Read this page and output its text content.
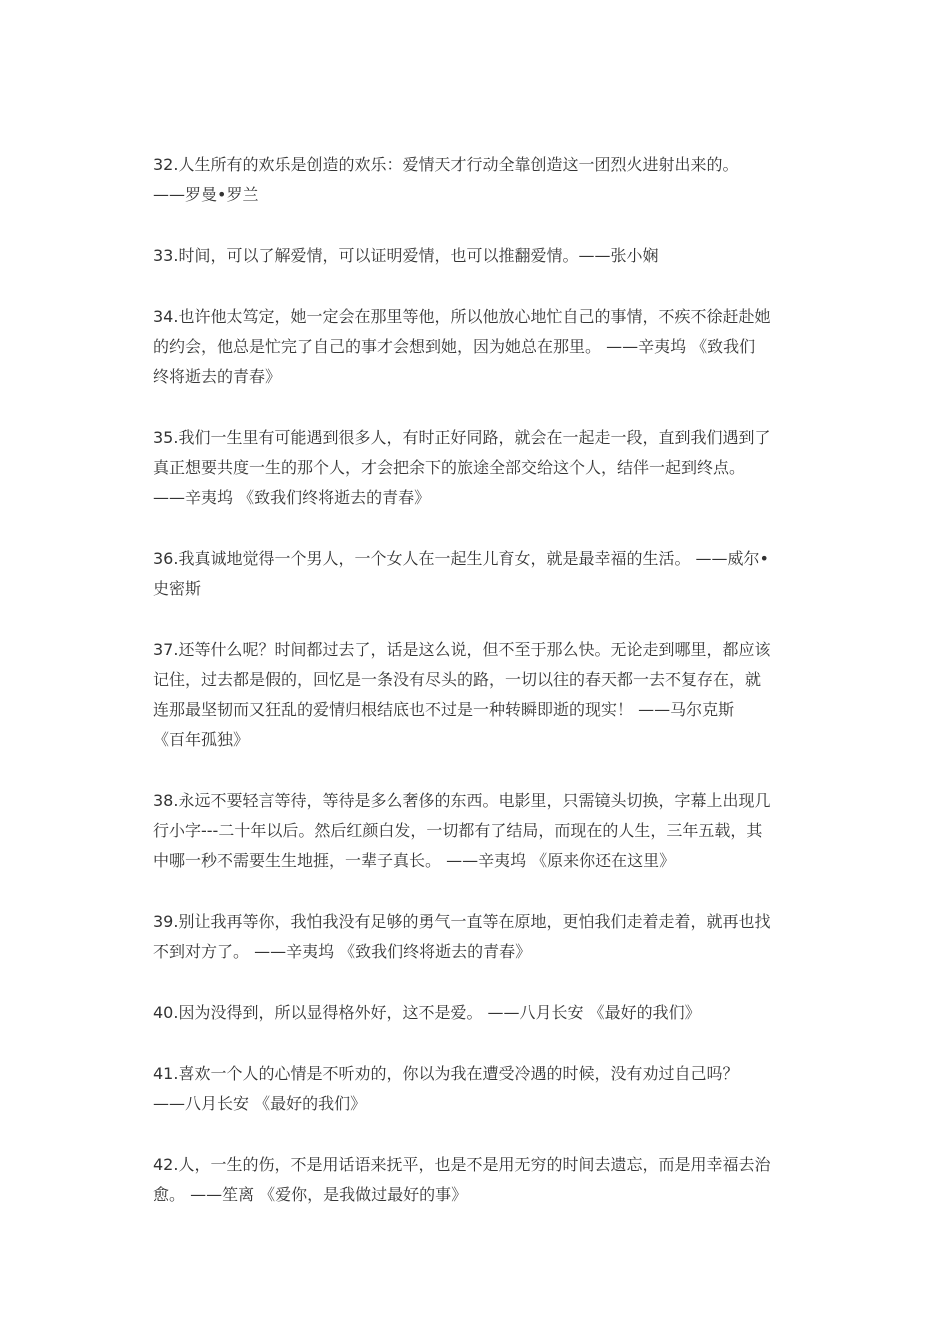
32.人生所有的欢乐是创造的欢乐：爱情天才行动全靠创造这一团烈火进射出来的。
——罗曼•罗兰
33.时间，可以了解爱情，可以证明爱情，也可以推翻爱情。——张小娴
34.也许他太笃定，她一定会在那里等他，所以他放心地忙自己的事情，不疾不徐赶赴她
的约会，他总是忙完了自己的事才会想到她，因为她总在那里。 ——辛夷坞 《致我们
终将逝去的青春》
35.我们一生里有可能遇到很多人，有时正好同路，就会在一起走一段，直到我们遇到了
真正想要共度一生的那个人，才会把余下的旅途全部交给这个人，结伴一起到终点。
——辛夷坞 《致我们终将逝去的青春》
36.我真诚地觉得一个男人，一个女人在一起生儿育女，就是最幸福的生活。 ——威尔•
史密斯
37.还等什么呢？时间都过去了，话是这么说，但不至于那么快。无论走到哪里，都应该
记住，过去都是假的，回忆是一条没有尽头的路，一切以往的春天都一去不复存在，就
连那最坚韧而又狂乱的爱情归根结底也不过是一种转瞬即逝的现实！ ——马尔克斯
《百年孤独》
38.永远不要轻言等待，等待是多么奢侈的东西。电影里，只需镜头切换，字幕上出现几
行小字---二十年以后。然后红颜白发，一切都有了结局，而现在的人生，三年五载，其
中哪一秒不需要生生地捱，一辈子真长。 ——辛夷坞 《原来你还在这里》
39.别让我再等你，我怕我没有足够的勇气一直等在原地，更怕我们走着走着，就再也找
不到对方了。 ——辛夷坞 《致我们终将逝去的青春》
40.因为没得到，所以显得格外好，这不是爱。 ——八月长安 《最好的我们》
41.喜欢一个人的心情是不听劝的，你以为我在遭受冷遇的时候，没有劝过自己吗？
——八月长安 《最好的我们》
42.人，一生的伤，不是用话语来抚平，也是不是用无穷的时间去遗忘，而是用幸福去治
愈。 ——笙离 《爱你，是我做过最好的事》
